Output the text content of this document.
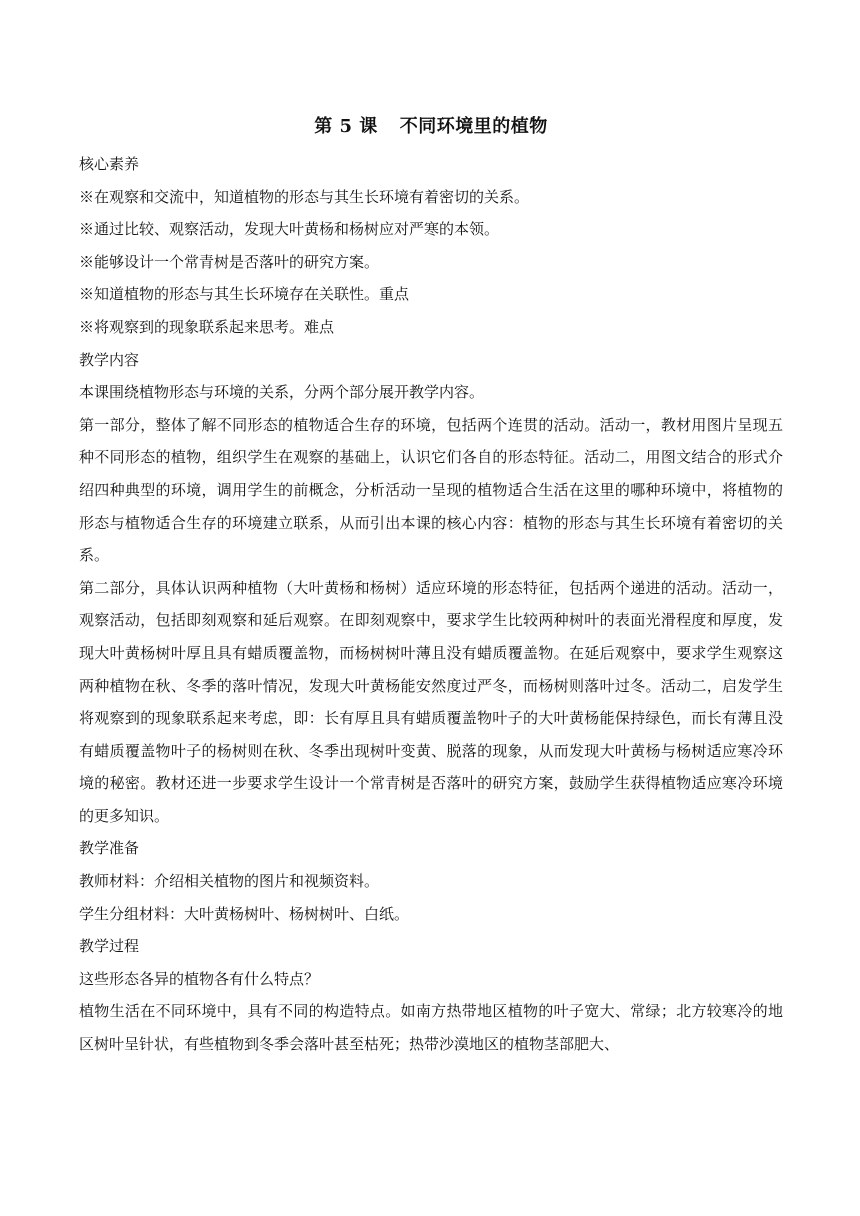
第 5 课 不同环境里的植物

核心素养

※在观察和交流中，知道植物的形态与其生长环境有着密切的关系。

※通过比较、观察活动，发现大叶黄杨和杨树应对严寒的本领。

※能够设计一个常青树是否落叶的研究方案。

※知道植物的形态与其生长环境存在关联性。重点

※将观察到的现象联系起来思考。难点

教学内容

本课围绕植物形态与环境的关系，分两个部分展开教学内容。

第一部分，整体了解不同形态的植物适合生存的环境，包括两个连贯的活动。活动一，教材用图片呈现五种不同形态的植物，组织学生在观察的基础上，认识它们各自的形态特征。活动二，用图文结合的形式介绍四种典型的环境，调用学生的前概念，分析活动一呈现的植物适合生活在这里的哪种环境中，将植物的形态与植物适合生存的环境建立联系，从而引出本课的核心内容：植物的形态与其生长环境有着密切的关系。

第二部分，具体认识两种植物（大叶黄杨和杨树）适应环境的形态特征，包括两个递进的活动。活动一，观察活动，包括即刻观察和延后观察。在即刻观察中，要求学生比较两种树叶的表面光滑程度和厚度，发现大叶黄杨树叶厚且具有蜡质覆盖物，而杨树树叶薄且没有蜡质覆盖物。在延后观察中，要求学生观察这两种植物在秋、冬季的落叶情况，发现大叶黄杨能安然度过严冬，而杨树则落叶过冬。活动二，启发学生将观察到的现象联系起来考虑，即：长有厚且具有蜡质覆盖物叶子的大叶黄杨能保持绿色，而长有薄且没有蜡质覆盖物叶子的杨树则在秋、冬季出现树叶变黄、脱落的现象，从而发现大叶黄杨与杨树适应寒冷环境的秘密。教材还进一步要求学生设计一个常青树是否落叶的研究方案，鼓励学生获得植物适应寒冷环境的更多知识。

教学准备

教师材料：介绍相关植物的图片和视频资料。

学生分组材料：大叶黄杨树叶、杨树树叶、白纸。

教学过程

这些形态各异的植物各有什么特点？

植物生活在不同环境中，具有不同的构造特点。如南方热带地区植物的叶子宽大、常绿；北方较寒冷的地区树叶呈针状，有些植物到冬季会落叶甚至枯死；热带沙漠地区的植物茎部肥大、
